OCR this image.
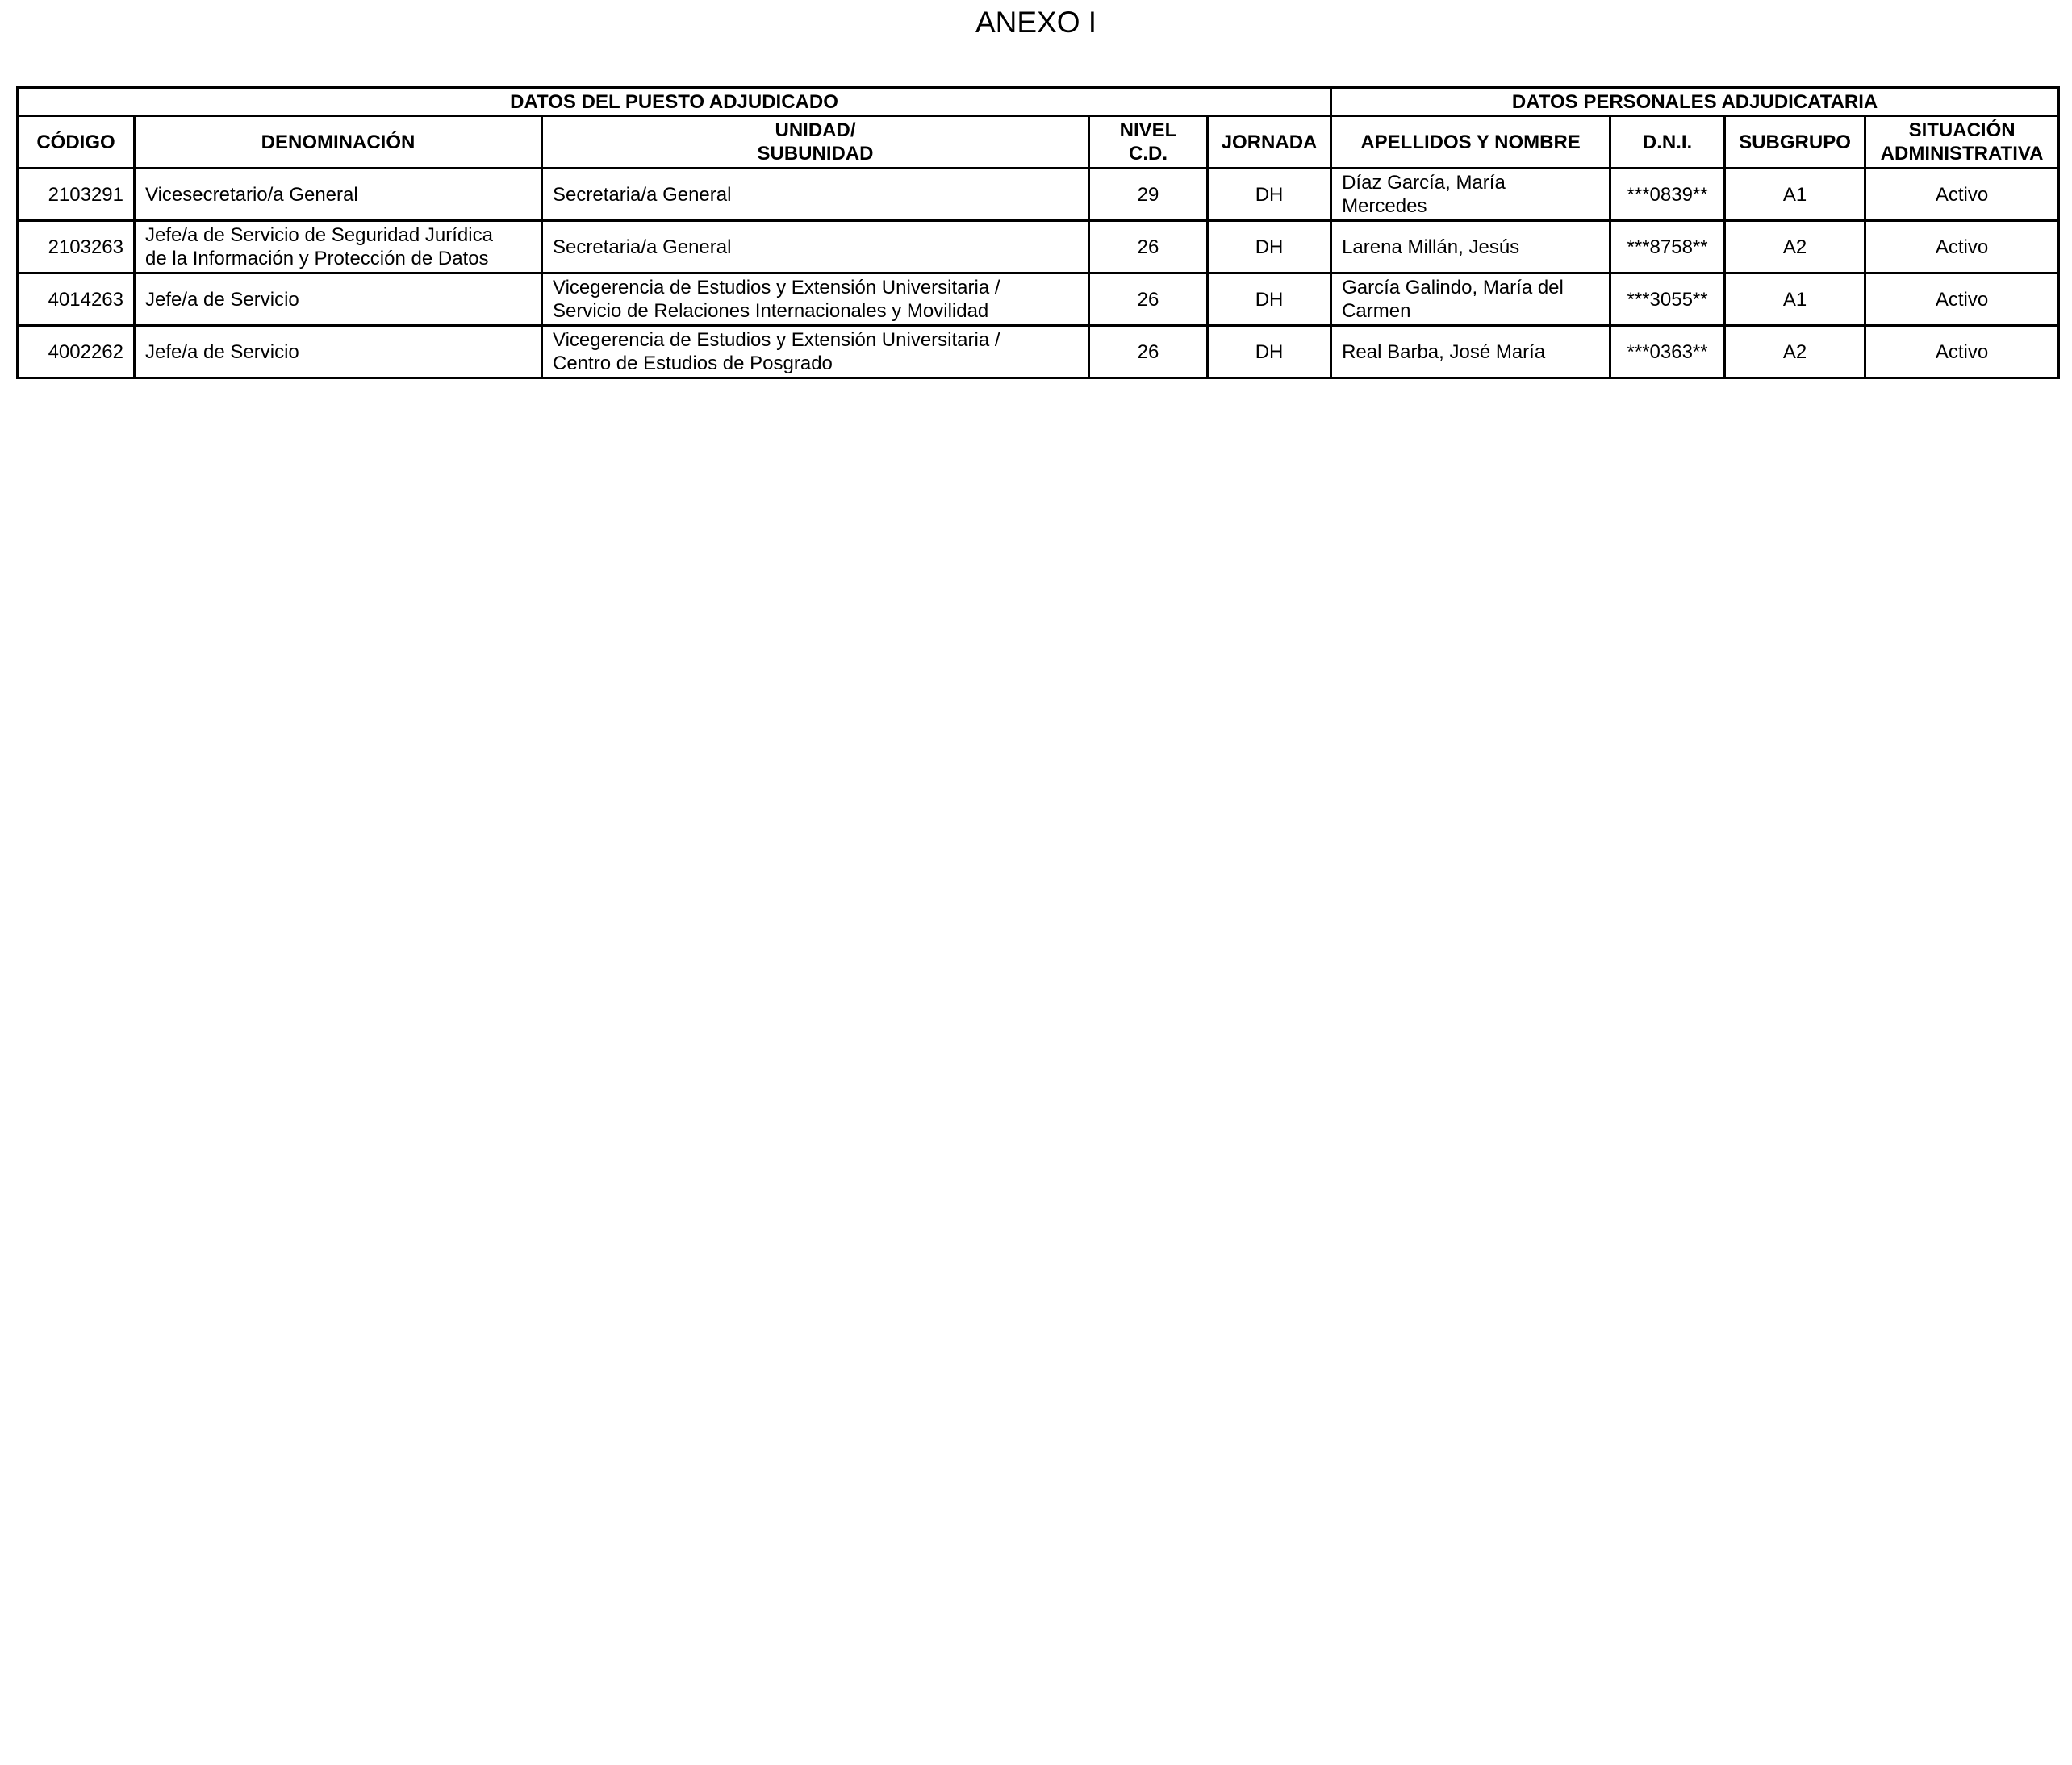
ANEXO I
DATOS DEL PUESTO ADJUDICADO					DATOS PERSONALES ADJUDICATARIA			
CÓDIGO	DENOMINACIÓN	UNIDAD/
SUBUNIDAD	NIVEL
C.D.	JORNADA	APELLIDOS Y NOMBRE	D.N.I.	SUBGRUPO	SITUACIÓN
ADMINISTRATIVA

2103291	Vicesecretario/a General	Secretaria/a General	29	DH	Díaz García, María
Mercedes	***0839**	A1	Activo
2103263	Jefe/a de Servicio de Seguridad Jurídica
de la Información y Protección de Datos	Secretaria/a General	26	DH	Larena Millán, Jesús	***8758**	A2	Activo
4014263	Jefe/a de Servicio	Vicegerencia de Estudios y Extensión Universitaria /
Servicio de Relaciones Internacionales y Movilidad	26	DH	García Galindo, María del
Carmen	***3055**	A1	Activo
4002262	Jefe/a de Servicio	Vicegerencia de Estudios y Extensión Universitaria /
Centro de Estudios de Posgrado	26	DH	Real Barba, José María	***0363**	A2	Activo
